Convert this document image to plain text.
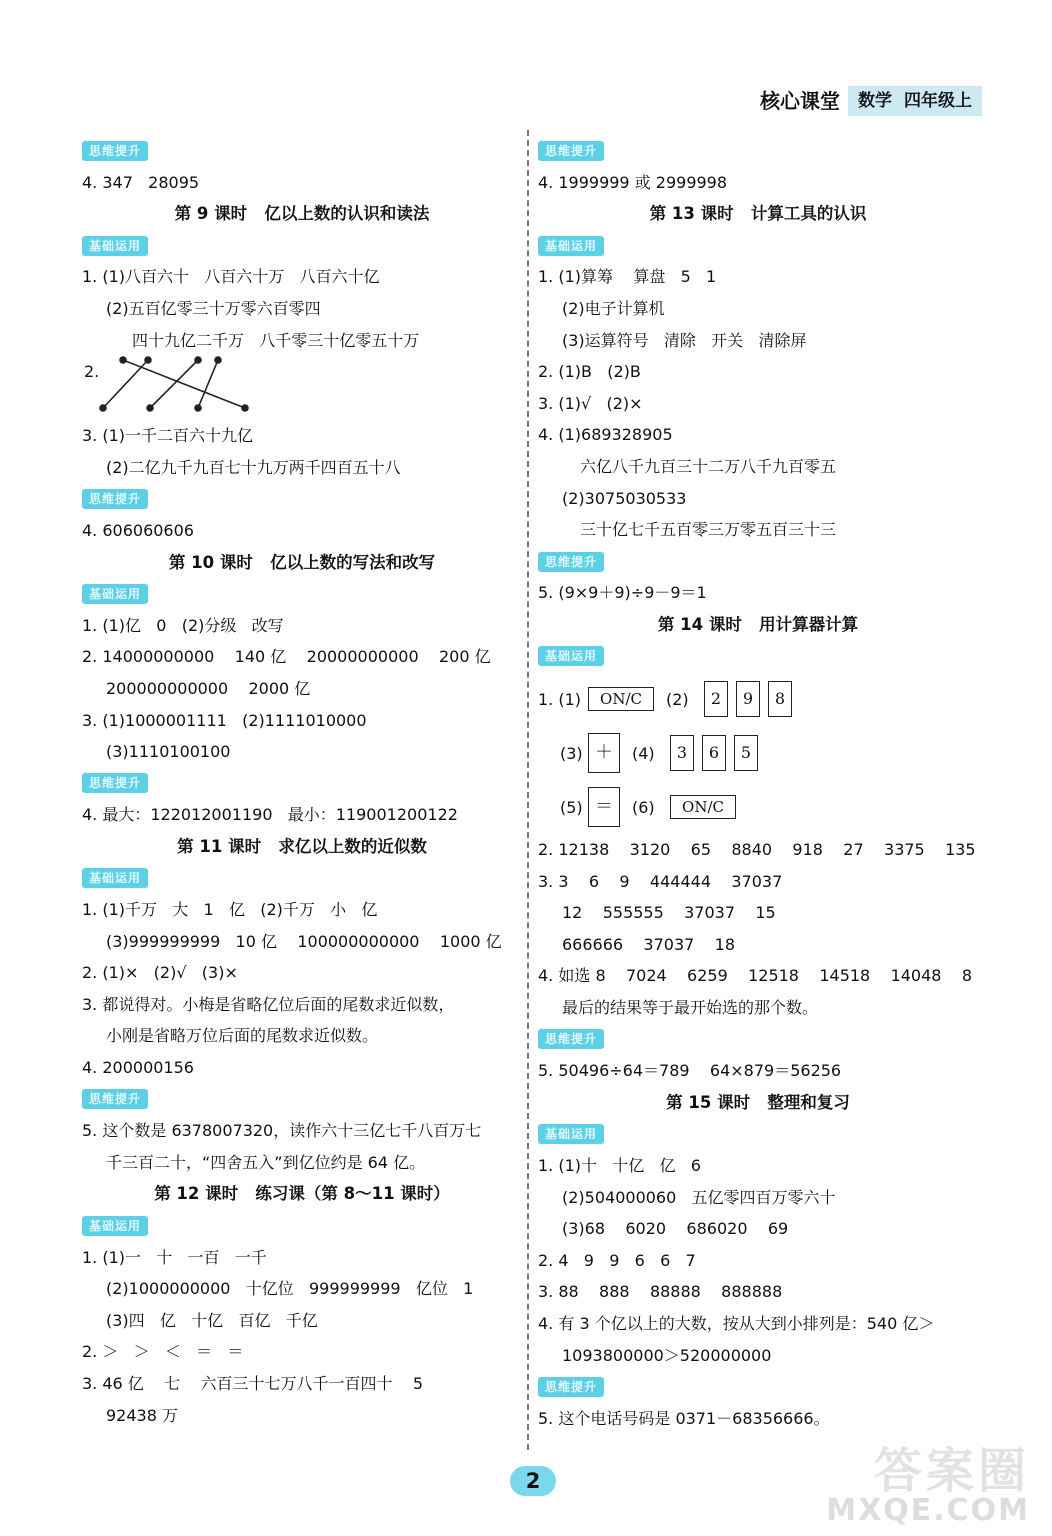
核心课堂	数学 四年级上
思维提升
4. 347   28095
第 9 课时   亿以上数的认识和读法
基础运用
1. (1)八百六十   八百六十万   八百六十亿
(2)五百亿零三十万零六百零四
四十九亿二千万   八千零三十亿零五十万
2.
3. (1)一千二百六十九亿
(2)二亿九千九百七十九万两千四百五十八
思维提升
4. 606060606
第 10 课时   亿以上数的写法和改写
基础运用
1. (1)亿   0   (2)分级   改写
2. 14000000000    140 亿    20000000000    200 亿
200000000000    2000 亿
3. (1)1000001111   (2)1111010000
(3)1110100100
思维提升
4. 最大：122012001190   最小：119001200122
第 11 课时   求亿以上数的近似数
基础运用
1. (1)千万   大   1   亿   (2)千万   小   亿
(3)999999999   10 亿    100000000000    1000 亿
2. (1)×   (2)√   (3)×
3. 都说得对。小梅是省略亿位后面的尾数求近似数，
小刚是省略万位后面的尾数求近似数。
4. 200000156
思维提升
5. 这个数是 6378007320，读作六十三亿七千八百万七
千三百二十，“四舍五入”到亿位约是 64 亿。
第 12 课时   练习课（第 8～11 课时）
基础运用
1. (1)一   十   一百   一千
(2)1000000000   十亿位   999999999   亿位   1
(3)四   亿   十亿   百亿   千亿
2. ＞   ＞   ＜   ＝   ＝
3. 46 亿    七    六百三十七万八千一百四十    5
92438 万
思维提升
4. 1999999 或 2999998
第 13 课时   计算工具的认识
基础运用
1. (1)算筹    算盘   5   1
(2)电子计算机
(3)运算符号   清除   开关   清除屏
2. (1)B   (2)B
3. (1)√   (2)×
4. (1)689328905
六亿八千九百三十二万八千九百零五
(2)3075030533
三十亿七千五百零三万零五百三十三
思维提升
5. (9×9＋9)÷9－9＝1
第 14 课时   用计算器计算
基础运用
1. (1)	ON/C	(2)	2	9	8
(3) ＋	(4)	3	6	5
(5) ＝	(6)	ON/C
2. 12138    3120    65    8840    918    27    3375    135
3. 3    6    9    444444    37037
12    555555    37037    15
666666    37037    18
4. 如选 8    7024    6259    12518    14518    14048    8
最后的结果等于最开始选的那个数。
思维提升
5. 50496÷64＝789    64×879＝56256
第 15 课时   整理和复习
基础运用
1. (1)十   十亿   亿   6
(2)504000060   五亿零四百万零六十
(3)68    6020    686020    69
2. 4   9   9   6   6   7
3. 88    888    88888    888888
4. 有 3 个亿以上的大数，按从大到小排列是：540 亿＞
1093800000＞520000000
思维提升
5. 这个电话号码是 0371－68356666。
2	答案圈
MXQE.COM
